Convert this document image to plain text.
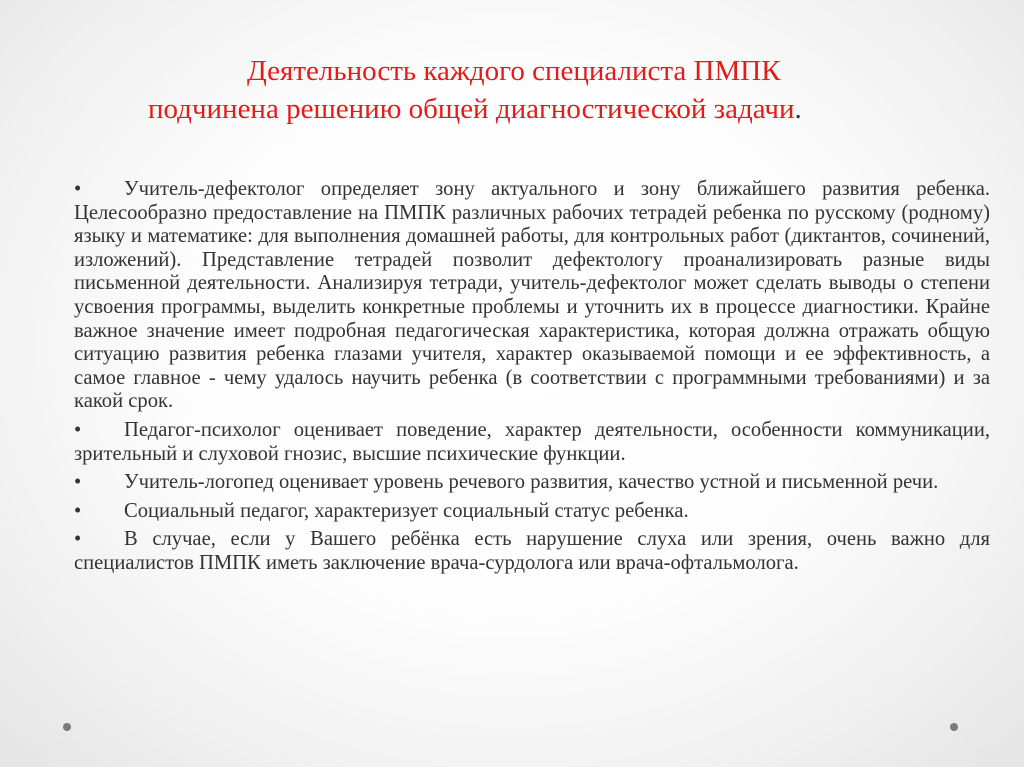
Деятельность каждого специалиста ПМПК
подчинена решению общей диагностической задачи.

• Учитель-дефектолог определяет зону актуального и зону ближайшего развития ребенка. Целесообразно предоставление на ПМПК различных рабочих тетрадей ребенка по русскому (родному) языку и математике: для выполнения домашней работы, для контрольных работ (диктантов, сочинений, изложений). Представление тетрадей позволит дефектологу проанализировать разные виды письменной деятельности. Анализируя тетради, учитель-дефектолог может сделать выводы о степени усвоения программы, выделить конкретные проблемы и уточнить их в процессе диагностики. Крайне важное значение имеет подробная педагогическая характеристика, которая должна отражать общую ситуацию развития ребенка глазами учителя, характер оказываемой помощи и ее эффективность, а самое главное - чему удалось научить ребенка (в соответствии с программными требованиями) и за какой срок.

• Педагог-психолог оценивает поведение, характер деятельности, особенности коммуникации, зрительный и слуховой гнозис, высшие психические функции.

• Учитель-логопед оценивает уровень речевого развития, качество устной и письменной речи.

• Социальный педагог, характеризует социальный статус ребенка.

• В случае, если у Вашего ребёнка есть нарушение слуха или зрения, очень важно для специалистов ПМПК иметь заключение врача-сурдолога или врача-офтальмолога.
